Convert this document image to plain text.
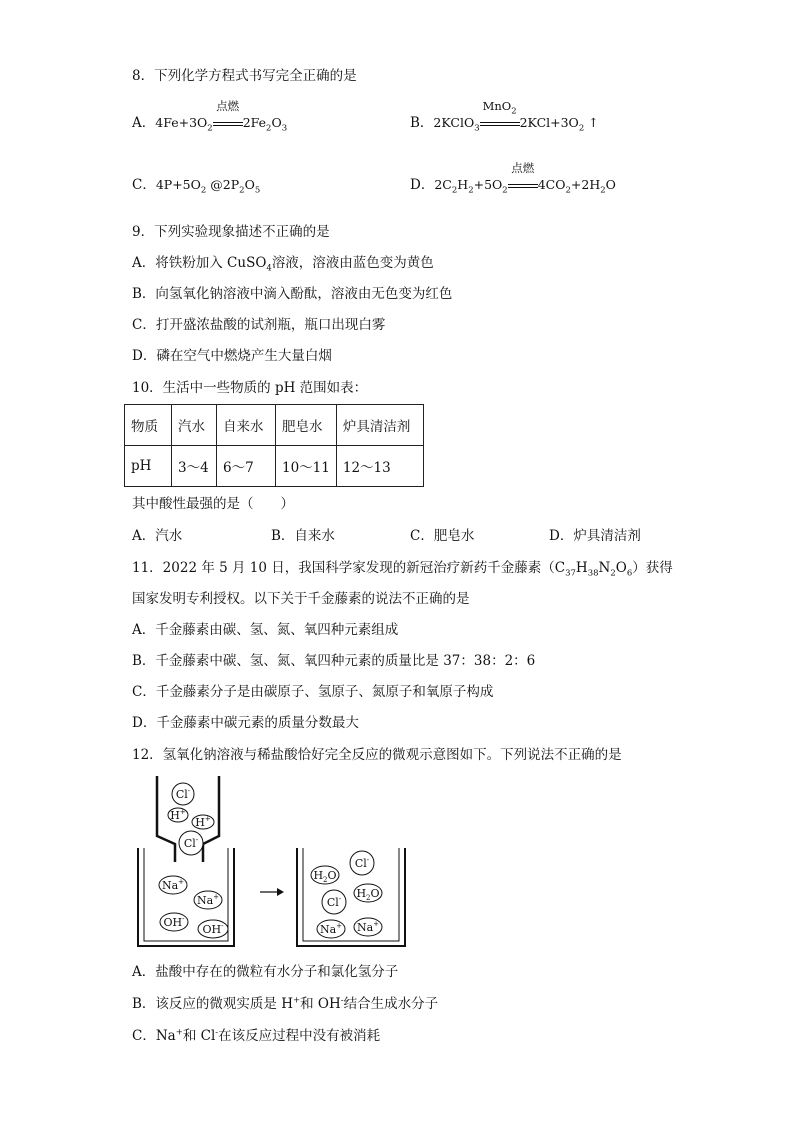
8．下列化学方程式书写完全正确的是
A．$4Fe+3O_2$
点燃
$2Fe_2O_3$	B．2KClO$_3$
MnO$_2$
$2KCl+3O_2$ ↑
C．$4P+5O_2$ $@2P_2O_5$	D．$2C_2H_2+5O_2$
点燃
$4CO_2+2H_2O$
9．下列实验现象描述不正确的是
A．将铁粉加入 CuSO$_4$溶液，溶液由蓝色变为黄色
B．向氢氧化钠溶液中滴入酚酞，溶液由无色变为红色
C．打开盛浓盐酸的试剂瓶，瓶口出现白雾
D．磷在空气中燃烧产生大量白烟
10．生活中一些物质的 pH 范围如表：
物质	汽水	自来水	肥皂水	炉具清洁剂
pH	3～4	6～7	10～11	12～13
其中酸性最强的是（　　）
A．汽水	B．自来水	C．肥皂水	D．炉具清洁剂
11．2022 年 5 月 10 日，我国科学家发现的新冠治疗新药千金藤素$(C_{37}H_{38}N_2O_6)$获得
国家发明专利授权。以下关于千金藤素的说法不正确的是
A．千金藤素由碳、氢、氮、氧四种元素组成
B．千金藤素中碳、氢、氮、氧四种元素的质量比是 37：38：2：6
C．千金藤素分子是由碳原子、氢原子、氮原子和氧原子构成
D．千金藤素中碳元素的质量分数最大
12．氢氧化钠溶液与稀盐酸恰好完全反应的微观示意图如下。下列说法不正确的是
Cl-
H+
H+
Cl-
Na+
Na+
OH-
OH-
$H_2O$
Cl-
$H_2O$
Cl-
Na+ Na+
A．盐酸中存在的微粒有水分子和氯化氢分子
B．该反应的微观实质是 H+和 OH-结合生成水分子
C．Na+和 Cl-在该反应过程中没有被消耗
